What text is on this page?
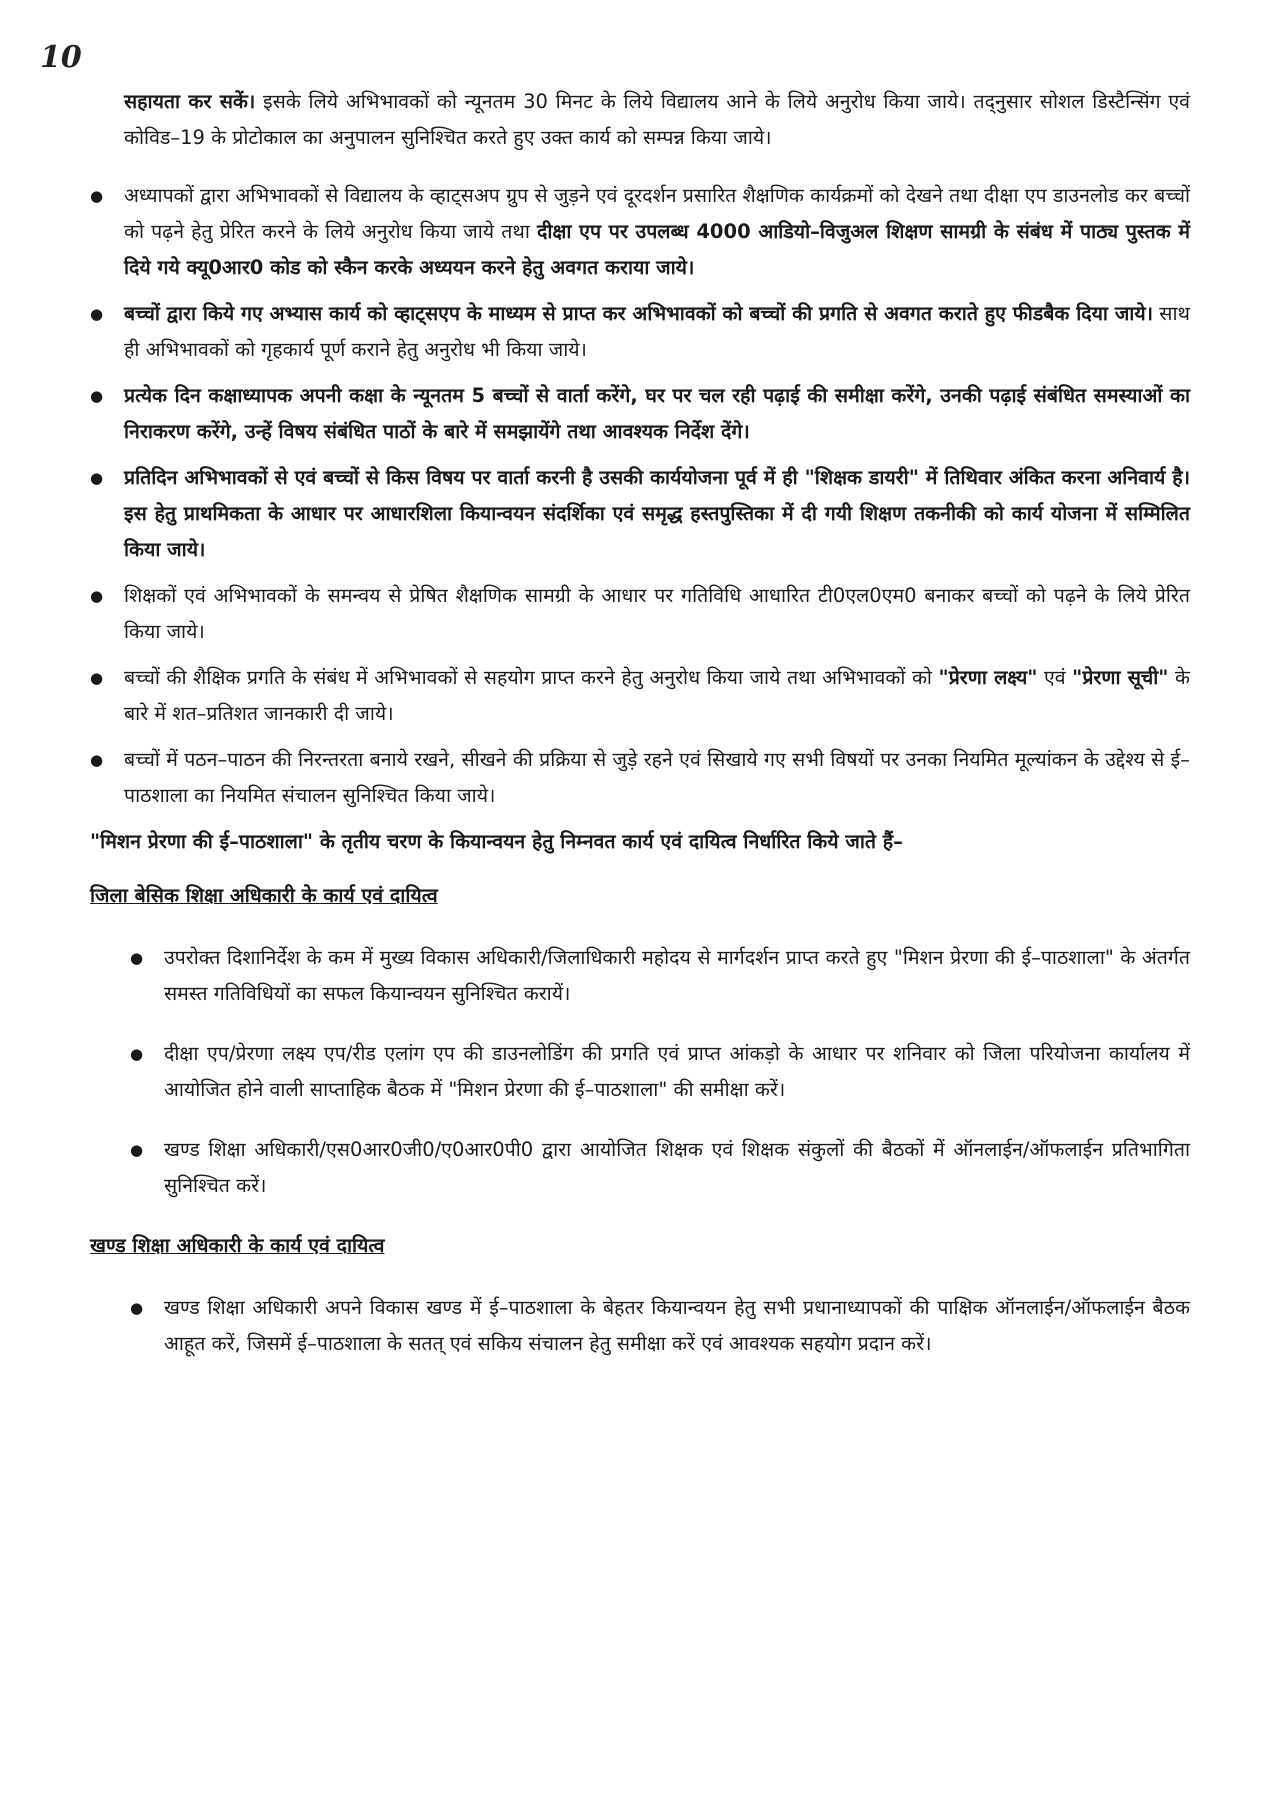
10

सहायता कर सकें। इसके लिये अभिभावकों को न्यूनतम 30 मिनट के लिये विद्यालय आने के लिये अनुरोध किया जाये। तद्नुसार सोशल डिस्टैन्सिंग एवं कोविड–19 के प्रोटोकाल का अनुपालन सुनिश्चित करते हुए उक्त कार्य को सम्पन्न किया जाये।

● अध्यापकों द्वारा अभिभावकों से विद्यालय के व्हाट्सअप ग्रुप से जुड़ने एवं दूरदर्शन प्रसारित शैक्षणिक कार्यक्रमों को देखने तथा दीक्षा एप डाउनलोड कर बच्चों को पढ़ने हेतु प्रेरित करने के लिये अनुरोध किया जाये तथा दीक्षा एप पर उपलब्ध 4000 आडियो–विजुअल शिक्षण सामग्री के संबंध में पाठ्य पुस्तक में दिये गये क्यू0आर0 कोड को स्कैन करके अध्ययन करने हेतु अवगत कराया जाये।
● बच्चों द्वारा किये गए अभ्यास कार्य को व्हाट्सएप के माध्यम से प्राप्त कर अभिभावकों को बच्चों की प्रगति से अवगत कराते हुए फीडबैक दिया जाये। साथ ही अभिभावकों को गृहकार्य पूर्ण कराने हेतु अनुरोध भी किया जाये।
● प्रत्येक दिन कक्षाध्यापक अपनी कक्षा के न्यूनतम 5 बच्चों से वार्ता करेंगे, घर पर चल रही पढ़ाई की समीक्षा करेंगे, उनकी पढ़ाई संबंधित समस्याओं का निराकरण करेंगे, उन्हें विषय संबंधित पाठों के बारे में समझायेंगे तथा आवश्यक निर्देश देंगे।
● प्रतिदिन अभिभावकों से एवं बच्चों से किस विषय पर वार्ता करनी है उसकी कार्ययोजना पूर्व में ही "शिक्षक डायरी" में तिथिवार अंकित करना अनिवार्य है। इस हेतु प्राथमिकता के आधार पर आधारशिला कियान्वयन संदर्शिका एवं समृद्ध हस्तपुस्तिका में दी गयी शिक्षण तकनीकी को कार्य योजना में सम्मिलित किया जाये।
● शिक्षकों एवं अभिभावकों के समन्वय से प्रेषित शैक्षणिक सामग्री के आधार पर गतिविधि आधारित टी0एल0एम0 बनाकर बच्चों को पढ़ने के लिये प्रेरित किया जाये।
● बच्चों की शैक्षिक प्रगति के संबंध में अभिभावकों से सहयोग प्राप्त करने हेतु अनुरोध किया जाये तथा अभिभावकों को "प्रेरणा लक्ष्य" एवं "प्रेरणा सूची" के बारे में शत–प्रतिशत जानकारी दी जाये।
● बच्चों में पठन–पाठन की निरन्तरता बनाये रखने, सीखने की प्रक्रिया से जुड़े रहने एवं सिखाये गए सभी विषयों पर उनका नियमित मूल्यांकन के उद्देश्य से ई–पाठशाला का नियमित संचालन सुनिश्चित किया जाये।

"मिशन प्रेरणा की ई–पाठशाला" के तृतीय चरण के कियान्वयन हेतु निम्नवत कार्य एवं दायित्व निर्धारित किये जाते हैं–

जिला बेसिक शिक्षा अधिकारी के कार्य एवं दायित्व
● उपरोक्त दिशानिर्देश के कम में मुख्य विकास अधिकारी/जिलाधिकारी महोदय से मार्गदर्शन प्राप्त करते हुए "मिशन प्रेरणा की ई–पाठशाला" के अंतर्गत समस्त गतिविधियों का सफल कियान्वयन सुनिश्चित करायें।
● दीक्षा एप/प्रेरणा लक्ष्य एप/रीड एलांग एप की डाउनलोडिंग की प्रगति एवं प्राप्त आंकड़ो के आधार पर शनिवार को जिला परियोजना कार्यालय में आयोजित होने वाली साप्ताहिक बैठक में "मिशन प्रेरणा की ई–पाठशाला" की समीक्षा करें।
● खण्ड शिक्षा अधिकारी/एस0आर0जी0/ए0आर0पी0 द्वारा आयोजित शिक्षक एवं शिक्षक संकुलों की बैठकों में ऑनलाईन/ऑफलाईन प्रतिभागिता सुनिश्चित करें।
खण्ड शिक्षा अधिकारी के कार्य एवं दायित्व
● खण्ड शिक्षा अधिकारी अपने विकास खण्ड में ई–पाठशाला के बेहतर कियान्वयन हेतु सभी प्रधानाध्यापकों की पाक्षिक ऑनलाईन/ऑफलाईन बैठक आहूत करें, जिसमें ई–पाठशाला के सतत् एवं सकिय संचालन हेतु समीक्षा करें एवं आवश्यक सहयोग प्रदान करें।
